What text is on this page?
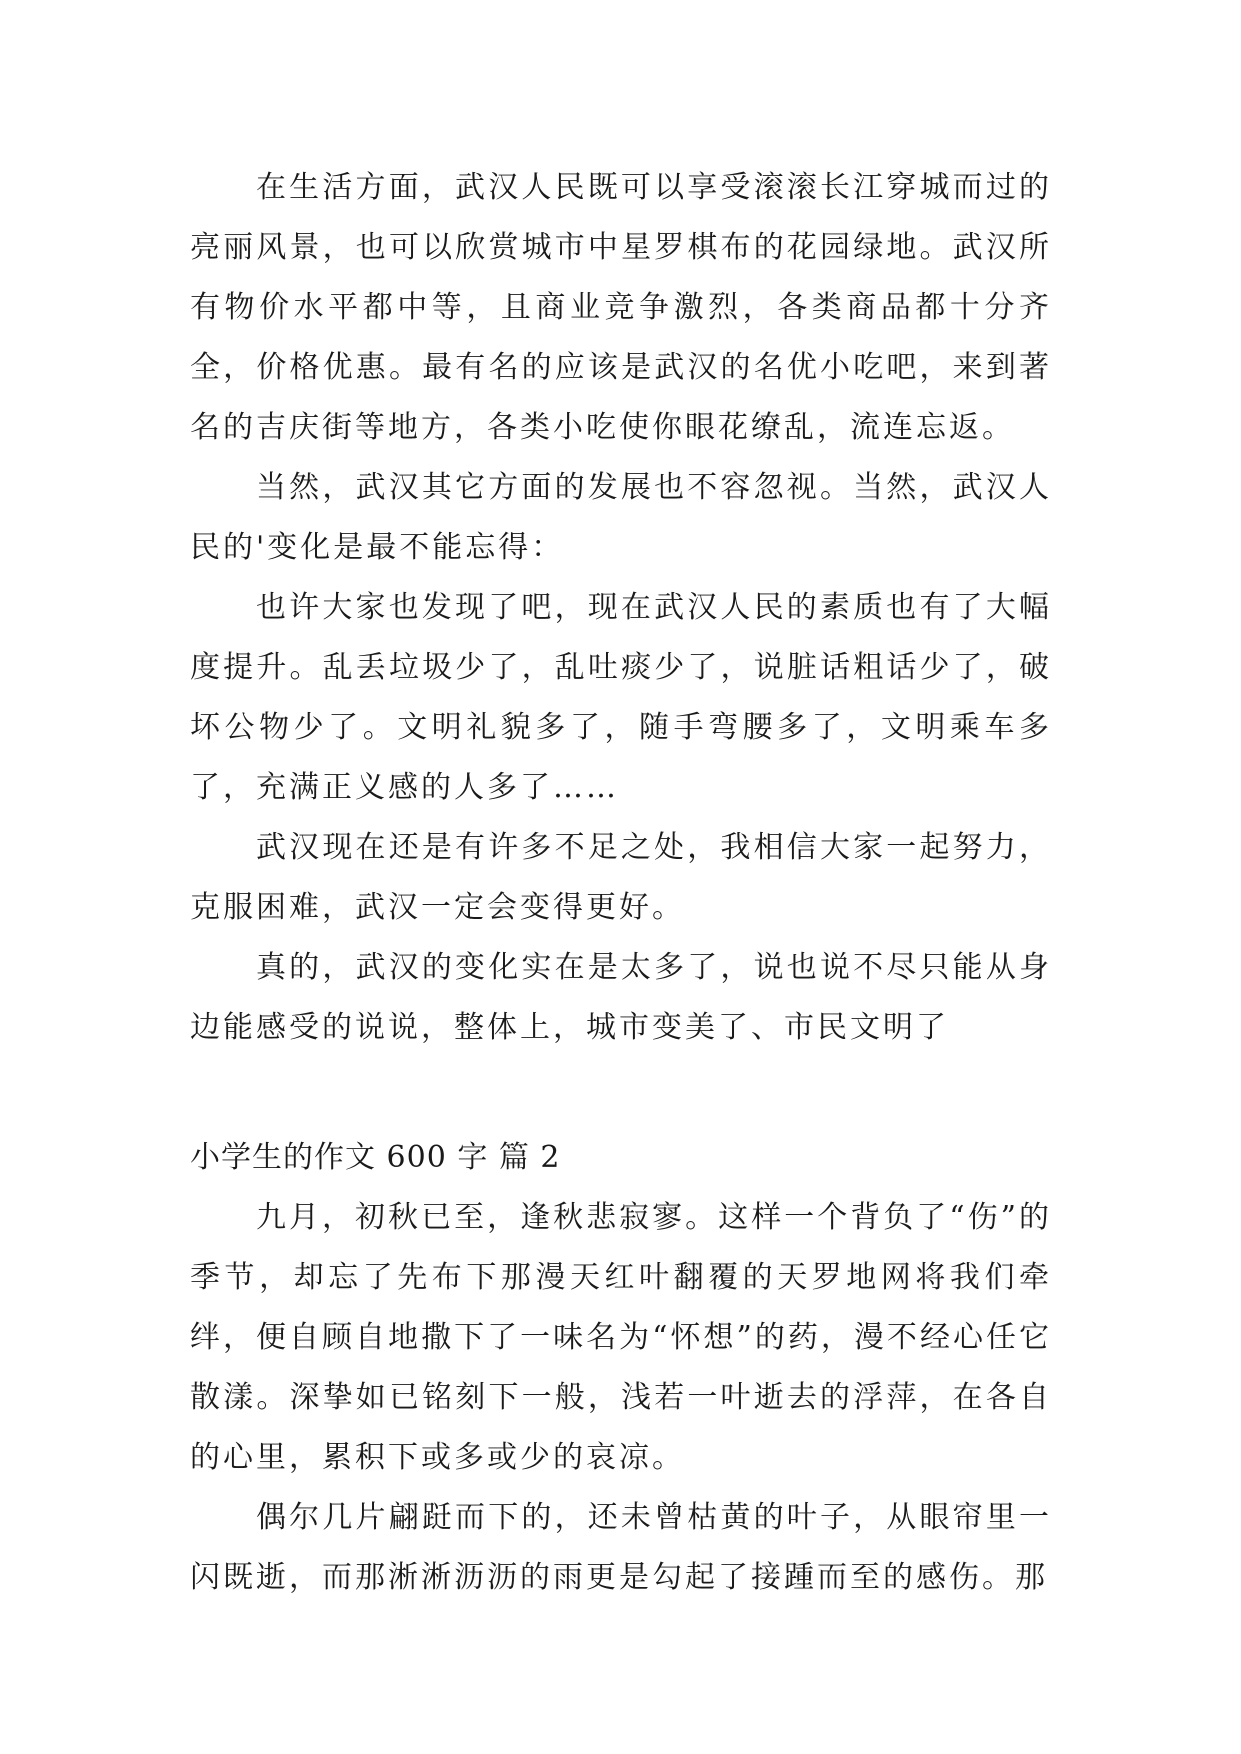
在生活方面，武汉人民既可以享受滚滚长江穿城而过的亮丽风景，也可以欣赏城市中星罗棋布的花园绿地。武汉所有物价水平都中等，且商业竞争激烈，各类商品都十分齐全，价格优惠。最有名的应该是武汉的名优小吃吧，来到著名的吉庆街等地方，各类小吃使你眼花缭乱，流连忘返。

当然，武汉其它方面的发展也不容忽视。当然，武汉人民的'变化是最不能忘得：

也许大家也发现了吧，现在武汉人民的素质也有了大幅度提升。乱丢垃圾少了，乱吐痰少了，说脏话粗话少了，破坏公物少了。文明礼貌多了，随手弯腰多了，文明乘车多了，充满正义感的人多了……

武汉现在还是有许多不足之处，我相信大家一起努力，克服困难，武汉一定会变得更好。

真的，武汉的变化实在是太多了，说也说不尽只能从身边能感受的说说，整体上，城市变美了、市民文明了

小学生的作文 600 字 篇 2

九月，初秋已至，逢秋悲寂寥。这样一个背负了“伤”的季节，却忘了先布下那漫天红叶翻覆的天罗地网将我们牵绊，便自顾自地撒下了一味名为“怀想”的药，漫不经心任它散漾。深挚如已铭刻下一般，浅若一叶逝去的浮萍，在各自的心里，累积下或多或少的哀凉。

偶尔几片翩跹而下的，还未曾枯黄的叶子，从眼帘里一闪既逝，而那淅淅沥沥的雨更是勾起了接踵而至的感伤。那
